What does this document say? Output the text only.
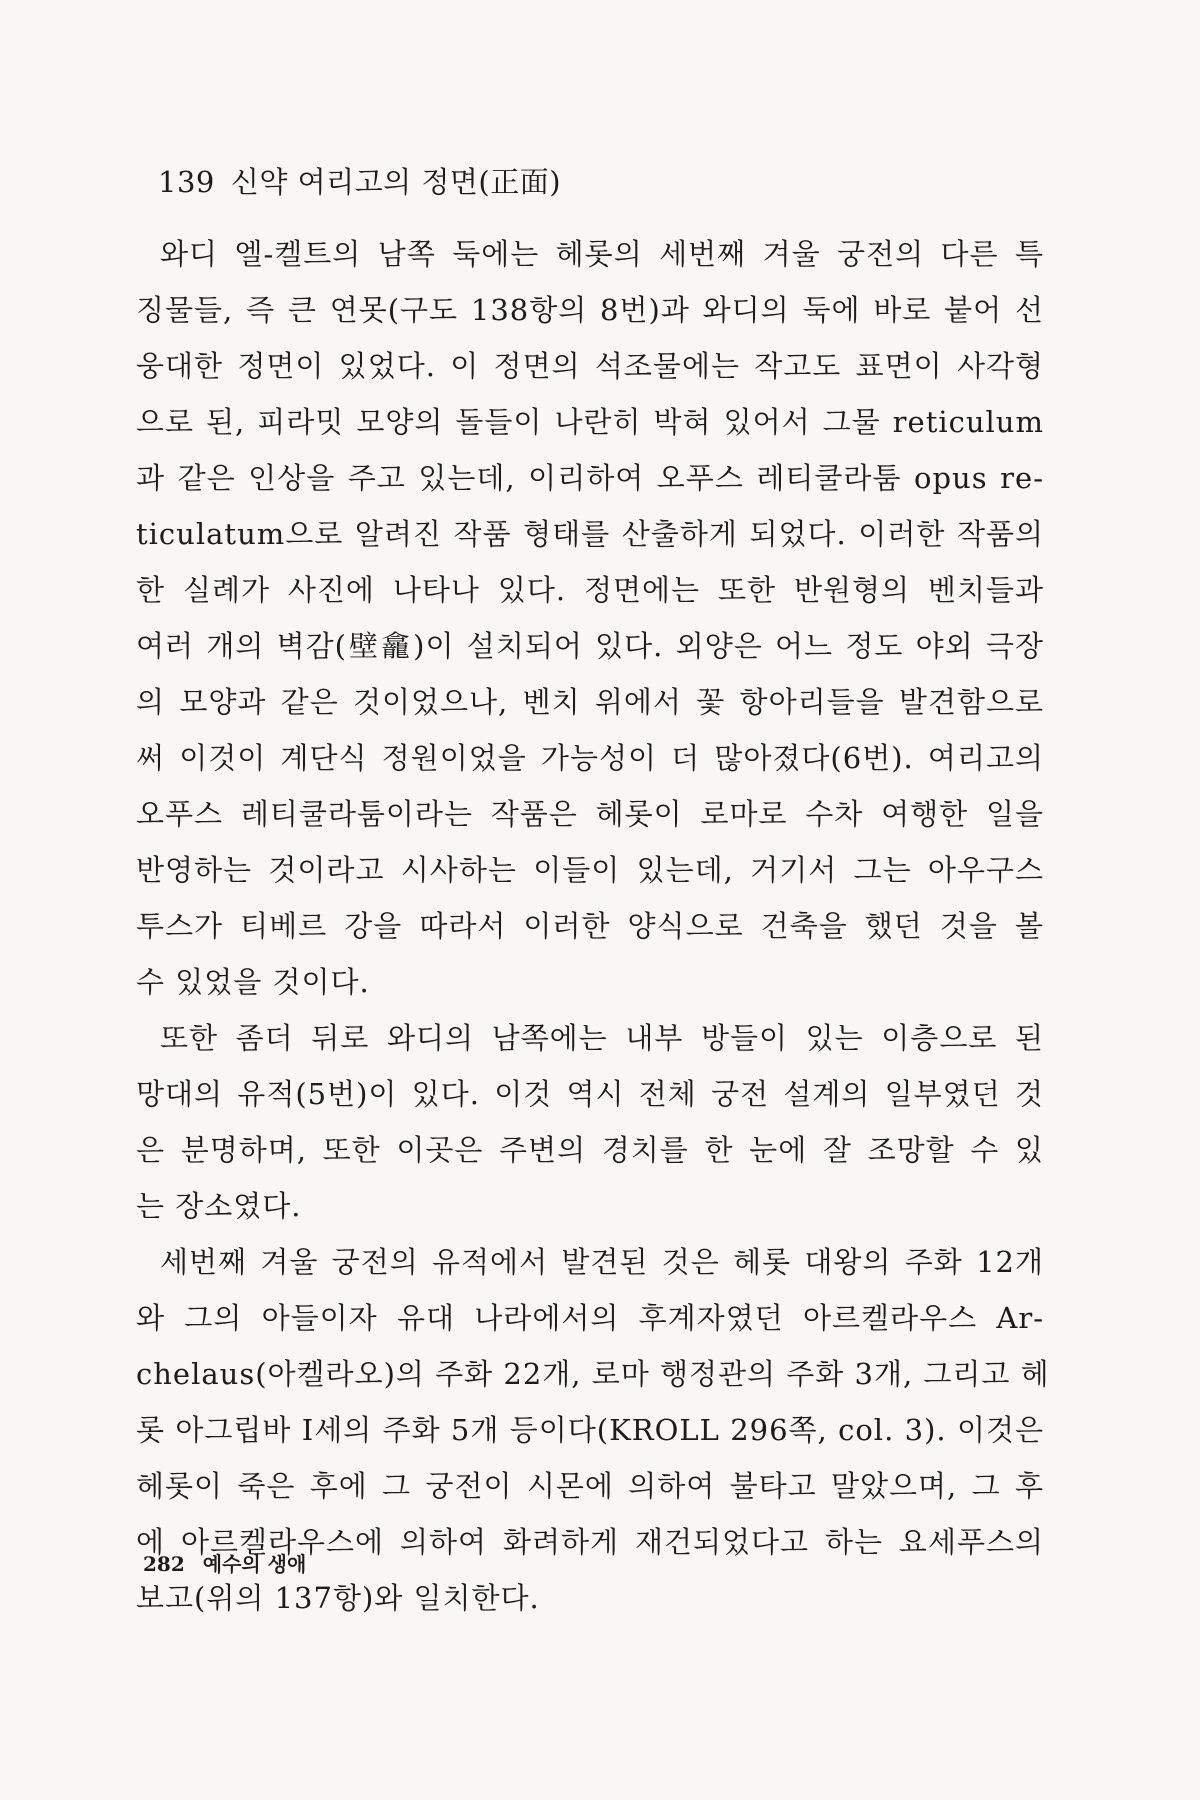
139 신약 여리고의 정면(正面)
와디 엘-켈트의 남쪽 둑에는 헤롯의 세번째 겨울 궁전의 다른 특
징물들, 즉 큰 연못(구도 138항의 8번)과 와디의 둑에 바로 붙어 선
웅대한 정면이 있었다. 이 정면의 석조물에는 작고도 표면이 사각형
으로 된, 피라밋 모양의 돌들이 나란히 박혀 있어서 그물 reticulum
과 같은 인상을 주고 있는데, 이리하여 오푸스 레티쿨라툼 opus re-
ticulatum으로 알려진 작품 형태를 산출하게 되었다. 이러한 작품의
한 실례가 사진에 나타나 있다. 정면에는 또한 반원형의 벤치들과
여러 개의 벽감(壁龕)이 설치되어 있다. 외양은 어느 정도 야외 극장
의 모양과 같은 것이었으나, 벤치 위에서 꽃 항아리들을 발견함으로
써 이것이 계단식 정원이었을 가능성이 더 많아졌다(6번). 여리고의
오푸스 레티쿨라툼이라는 작품은 헤롯이 로마로 수차 여행한 일을
반영하는 것이라고 시사하는 이들이 있는데, 거기서 그는 아우구스
투스가 티베르 강을 따라서 이러한 양식으로 건축을 했던 것을 볼
수 있었을 것이다.
또한 좀더 뒤로 와디의 남쪽에는 내부 방들이 있는 이층으로 된
망대의 유적(5번)이 있다. 이것 역시 전체 궁전 설계의 일부였던 것
은 분명하며, 또한 이곳은 주변의 경치를 한 눈에 잘 조망할 수 있
는 장소였다.
세번째 겨울 궁전의 유적에서 발견된 것은 헤롯 대왕의 주화 12개
와 그의 아들이자 유대 나라에서의 후계자였던 아르켈라우스 Ar-
chelaus(아켈라오)의 주화 22개, 로마 행정관의 주화 3개, 그리고 헤
롯 아그립바 I세의 주화 5개 등이다(KROLL 296쪽, col. 3). 이것은
헤롯이 죽은 후에 그 궁전이 시몬에 의하여 불타고 말았으며, 그 후
에 아르켈라우스에 의하여 화려하게 재건되었다고 하는 요세푸스의
보고(위의 137항)와 일치한다.
282 예수의 생애
